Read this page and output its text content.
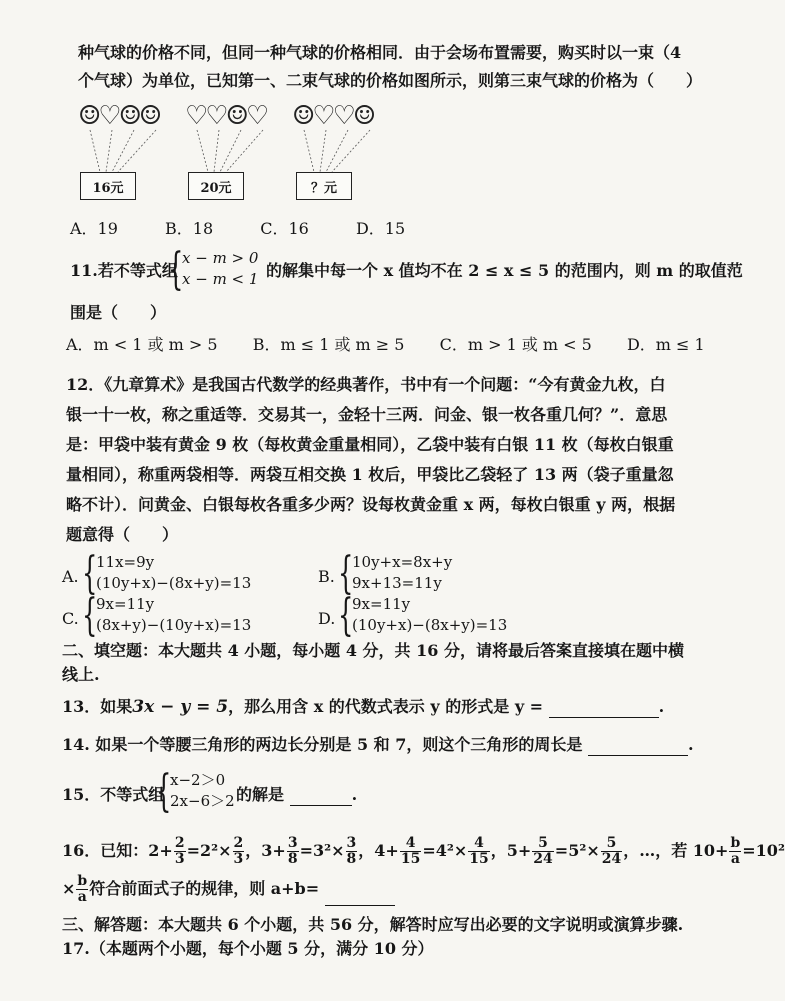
种气球的价格不同，但同一种气球的价格相同．由于会场布置需要，购买时以一束（4
个气球）为单位，已知第一、二束气球的价格如图所示，则第三束气球的价格为（　　）
☺♡☺☺ ♡♡☺♡ ☺♡♡☺
16元	20元	？元
A．19	B．18	C．16	D．15
11.若不等式组
{
x − m > 0
x − m < 1 的解集中每一个 x 值均不在 2 ≤ x ≤ 5 的范围内，则 m 的取值范
围是（　　）
A．m < 1 或 m > 5 B．m ≤ 1 或 m ≥ 5 C．m > 1 或 m < 5 D．m ≤ 1
12．《九章算术》是我国古代数学的经典著作，书中有一个问题：“今有黄金九枚，白
银一十一枚，称之重适等．交易其一，金轻十三两．问金、银一枚各重几何？”．意思
是：甲袋中装有黄金 9 枚（每枚黄金重量相同），乙袋中装有白银 11 枚（每枚白银重
量相同），称重两袋相等．两袋互相交换 1 枚后，甲袋比乙袋轻了 13 两（袋子重量忽
略不计）．问黄金、白银每枚各重多少两？设每枚黄金重 x 两，每枚白银重 y 两，根据
题意得（　　）
A. {
11x=9y
(10y+x)−(8x+y)=13	B. {
10y+x=8x+y
9x+13=11y
C. {
9x=11y
(8x+y)−(10y+x)=13	D. {
9x=11y
(10y+x)−(8x+y)=13
二、填空题：本大题共 4 小题，每小题 4 分，共 16 分，请将最后答案直接填在题中横
线上.
13．如果3x − y = 5，那么用含 x 的代数式表示 y 的形式是 y =	.
14. 如果一个等腰三角形的两边长分别是 5 和 7，则这个三角形的周长是	.
15．不等式组
{
x−2＞0
2x−6＞2 的解是	.
16．已知：$2+ \frac{2}{3} =2^2\times \frac{2}{3}$ ，$3+ \frac{3}{8} =3^2\times \frac{3}{8}$ ，$4+ \frac{4}{15} =4^2\times \frac{4}{15}$ ，$5+ \frac{5}{24} =5^2\times \frac{5}{24}$ ，…，若 $10+ \frac{b}{a} =10^2$
× $\frac{b}{a}$ 符合前面式子的规律，则 a+b=
三、解答题：本大题共 6 个小题，共 56 分，解答时应写出必要的文字说明或演算步骤.
17.（本题两个小题，每个小题 5 分，满分 10 分）
